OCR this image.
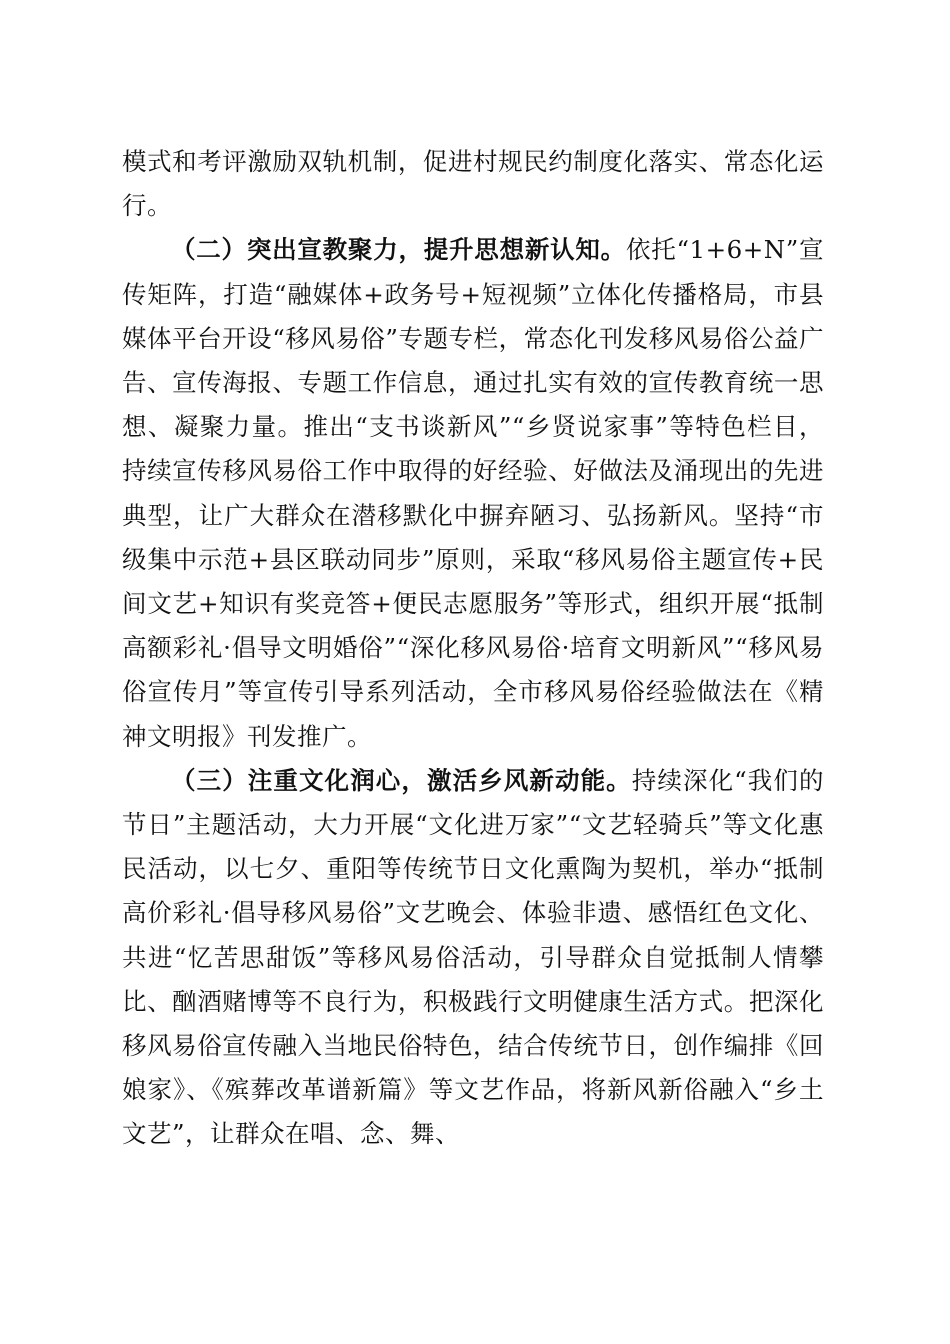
模式和考评激励双轨机制，促进村规民约制度化落实、常态化运行。

（二）突出宣教聚力，提升思想新认知。依托“1+6+N”宣传矩阵，打造“融媒体+政务号+短视频”立体化传播格局，市县媒体平台开设“移风易俗”专题专栏，常态化刊发移风易俗公益广告、宣传海报、专题工作信息，通过扎实有效的宣传教育统一思想、凝聚力量。推出“支书谈新风”“乡贤说家事”等特色栏目，持续宣传移风易俗工作中取得的好经验、好做法及涌现出的先进典型，让广大群众在潜移默化中摒弃陋习、弘扬新风。坚持“市级集中示范+县区联动同步”原则，采取“移风易俗主题宣传+民间文艺+知识有奖竞答+便民志愿服务”等形式，组织开展“抵制高额彩礼·倡导文明婚俗”“深化移风易俗·培育文明新风”“移风易俗宣传月”等宣传引导系列活动，全市移风易俗经验做法在《精神文明报》刊发推广。

（三）注重文化润心，激活乡风新动能。持续深化“我们的节日”主题活动，大力开展“文化进万家”“文艺轻骑兵”等文化惠民活动，以七夕、重阳等传统节日文化熏陶为契机，举办“抵制高价彩礼·倡导移风易俗”文艺晚会、体验非遗、感悟红色文化、共进“忆苦思甜饭”等移风易俗活动，引导群众自觉抵制人情攀比、酗酒赌博等不良行为，积极践行文明健康生活方式。把深化移风易俗宣传融入当地民俗特色，结合传统节日，创作编排《回娘家》、《殡葬改革谱新篇》等文艺作品，将新风新俗融入“乡土文艺”，让群众在唱、念、舞、
